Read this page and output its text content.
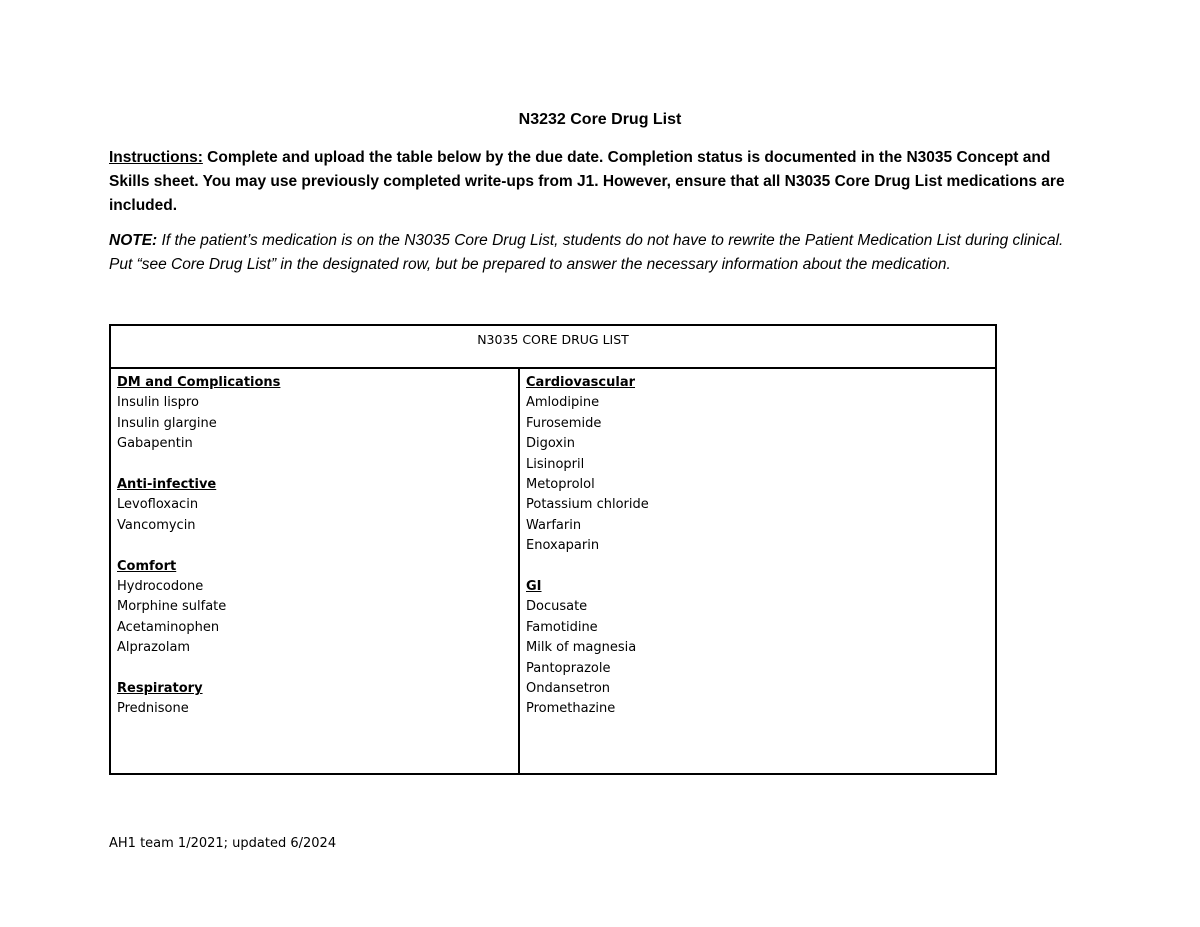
N3232 Core Drug List
Instructions: Complete and upload the table below by the due date. Completion status is documented in the N3035 Concept and Skills sheet. You may use previously completed write-ups from J1. However, ensure that all N3035 Core Drug List medications are included.
NOTE: If the patient’s medication is on the N3035 Core Drug List, students do not have to rewrite the Patient Medication List during clinical. Put “see Core Drug List” in the designated row, but be prepared to answer the necessary information about the medication.
N3035 CORE DRUG LIST
DM and Complications
Insulin lispro
Insulin glargine
Gabapentin
Anti-infective
Levofloxacin
Vancomycin
Comfort
Hydrocodone
Morphine sulfate
Acetaminophen
Alprazolam
Respiratory
Prednisone
Cardiovascular
Amlodipine
Furosemide
Digoxin
Lisinopril
Metoprolol
Potassium chloride
Warfarin
Enoxaparin
GI
Docusate
Famotidine
Milk of magnesia
Pantoprazole
Ondansetron
Promethazine
AH1 team 1/2021; updated 6/2024
